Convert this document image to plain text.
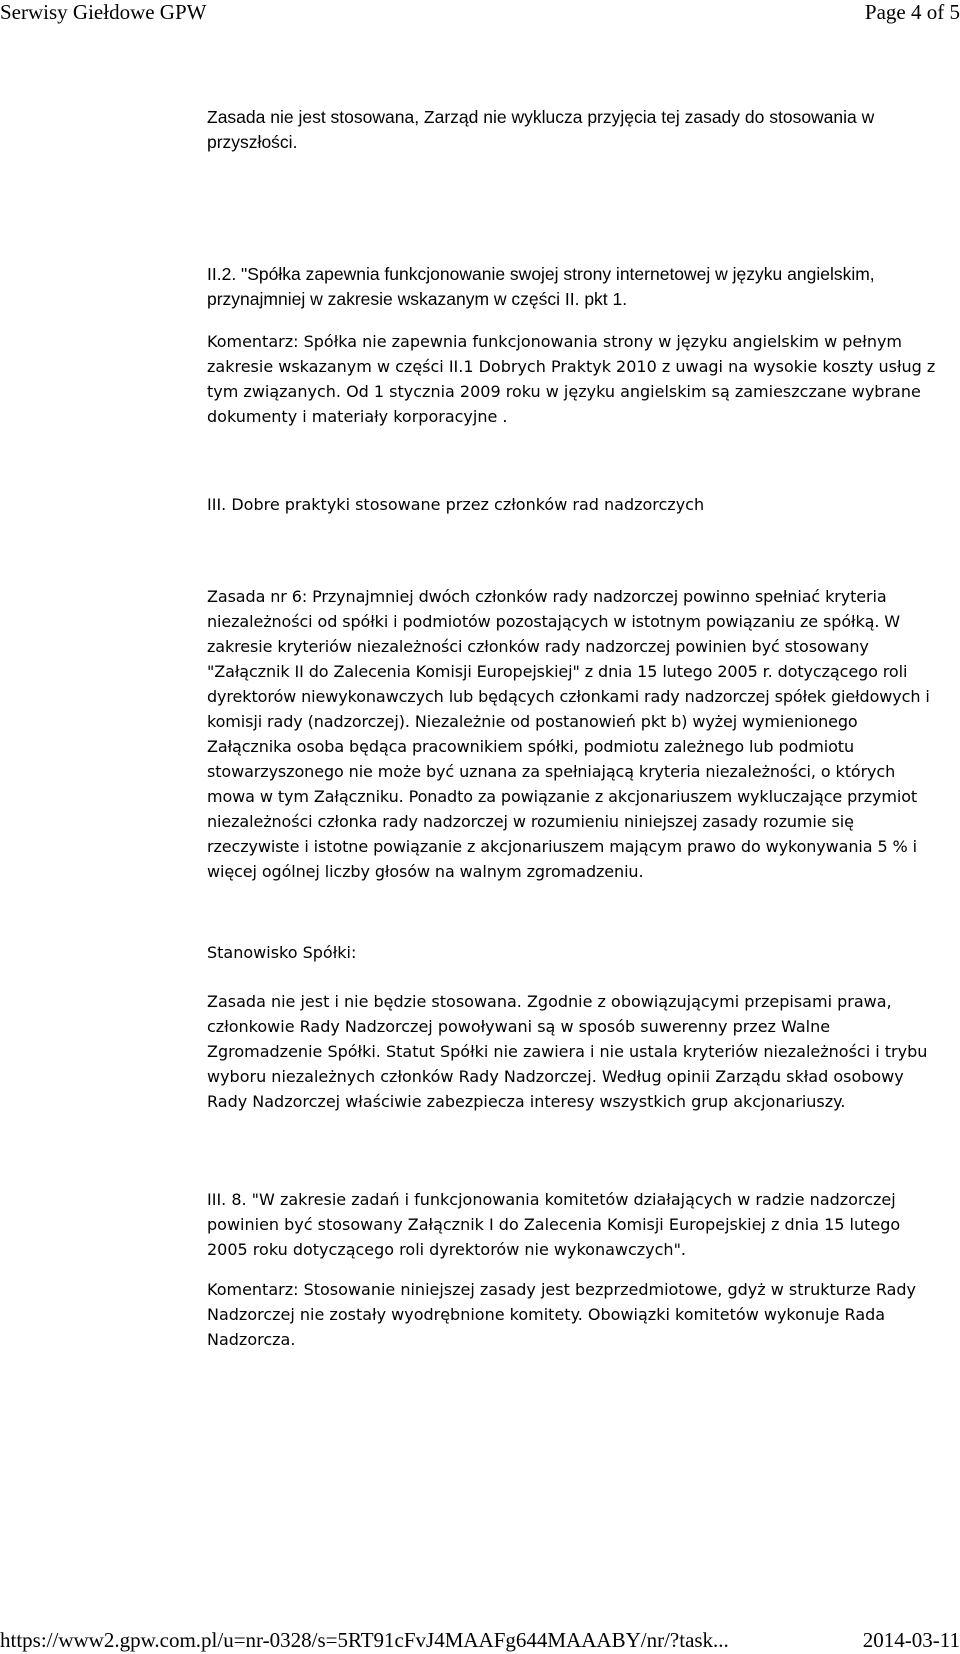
Serwisy Giełdowe GPW	Page 4 of 5

Zasada nie jest stosowana, Zarząd nie wyklucza przyjęcia tej zasady do stosowania w przyszłości.

II.2. "Spółka zapewnia funkcjonowanie swojej strony internetowej w języku angielskim, przynajmniej w zakresie wskazanym w części II. pkt 1.

Komentarz: Spółka nie zapewnia funkcjonowania strony w języku angielskim w pełnym zakresie wskazanym w części II.1 Dobrych Praktyk 2010 z uwagi na wysokie koszty usług z tym związanych. Od 1 stycznia 2009 roku w języku angielskim są zamieszczane wybrane dokumenty i materiały korporacyjne .

III. Dobre praktyki stosowane przez członków rad nadzorczych

Zasada nr 6: Przynajmniej dwóch członków rady nadzorczej powinno spełniać kryteria niezależności od spółki i podmiotów pozostających w istotnym powiązaniu ze spółką. W zakresie kryteriów niezależności członków rady nadzorczej powinien być stosowany "Załącznik II do Zalecenia Komisji Europejskiej" z dnia 15 lutego 2005 r. dotyczącego roli dyrektorów niewykonawczych lub będących członkami rady nadzorczej spółek giełdowych i komisji rady (nadzorczej). Niezależnie od postanowień pkt b) wyżej wymienionego Załącznika osoba będąca pracownikiem spółki, podmiotu zależnego lub podmiotu stowarzyszonego nie może być uznana za spełniającą kryteria niezależności, o których mowa w tym Załączniku. Ponadto za powiązanie z akcjonariuszem wykluczające przymiot niezależności członka rady nadzorczej w rozumieniu niniejszej zasady rozumie się rzeczywiste i istotne powiązanie z akcjonariuszem mającym prawo do wykonywania 5 % i więcej ogólnej liczby głosów na walnym zgromadzeniu.

Stanowisko Spółki:

Zasada nie jest i nie będzie stosowana. Zgodnie z obowiązującymi przepisami prawa, członkowie Rady Nadzorczej powoływani są w sposób suwerenny przez Walne Zgromadzenie Spółki. Statut Spółki nie zawiera i nie ustala kryteriów niezależności i trybu wyboru niezależnych członków Rady Nadzorczej. Według opinii Zarządu skład osobowy Rady Nadzorczej właściwie zabezpiecza interesy wszystkich grup akcjonariuszy.

III. 8. "W zakresie zadań i funkcjonowania komitetów działających w radzie nadzorczej powinien być stosowany Załącznik I do Zalecenia Komisji Europejskiej z dnia 15 lutego 2005 roku dotyczącego roli dyrektorów nie wykonawczych".

Komentarz: Stosowanie niniejszej zasady jest bezprzedmiotowe, gdyż w strukturze Rady Nadzorczej nie zostały wyodrębnione komitety. Obowiązki komitetów wykonuje Rada Nadzorcza.

https://www2.gpw.com.pl/u=nr-0328/s=5RT91cFvJ4MAAFg644MAAABY/nr/?task...	2014-03-11
